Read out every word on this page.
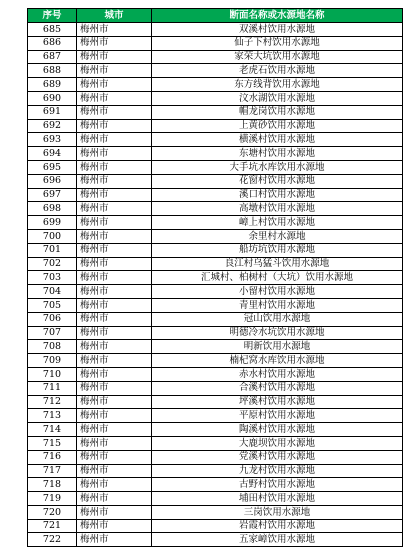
序号	城市	断面名称或水源地名称
685	梅州市	双溪村饮用水源地
686	梅州市	仙子下村饮用水源地
687	梅州市	家荣大坑饮用水源地
688	梅州市	老虎石饮用水源地
689	梅州市	东方线背饮用水源地
690	梅州市	汶水湖饮用水源地
691	梅州市	帽龙岗饮用水源地
692	梅州市	上黄砂饮用水源地
693	梅州市	横溪村饮用水源地
694	梅州市	东塘村饮用水源地
695	梅州市	大手坑水库饮用水源地
696	梅州市	花窗村饮用水源地
697	梅州市	溪口村饮用水源地
698	梅州市	高墩村饮用水源地
699	梅州市	嶂上村饮用水源地
700	梅州市	余里村水源地
701	梅州市	船坊坑饮用水源地
702	梅州市	良江村乌猛斗饮用水源地
703	梅州市	汇城村、柏树村（大坑）饮用水源地
704	梅州市	小留村饮用水源地
705	梅州市	青里村饮用水源地
706	梅州市	冠山饮用水源地
707	梅州市	明德冷水坑饮用水源地
708	梅州市	明新饮用水源地
709	梅州市	楠杞窝水库饮用水源地
710	梅州市	赤水村饮用水源地
711	梅州市	合溪村饮用水源地
712	梅州市	坪溪村饮用水源地
713	梅州市	平原村饮用水源地
714	梅州市	陶溪村饮用水源地
715	梅州市	大鹿坝饮用水源地
716	梅州市	党溪村饮用水源地
717	梅州市	九龙村饮用水源地
718	梅州市	古野村饮用水源地
719	梅州市	埔田村饮用水源地
720	梅州市	三岗饮用水源地
721	梅州市	岩霞村饮用水源地
722	梅州市	五家嶂饮用水源地
